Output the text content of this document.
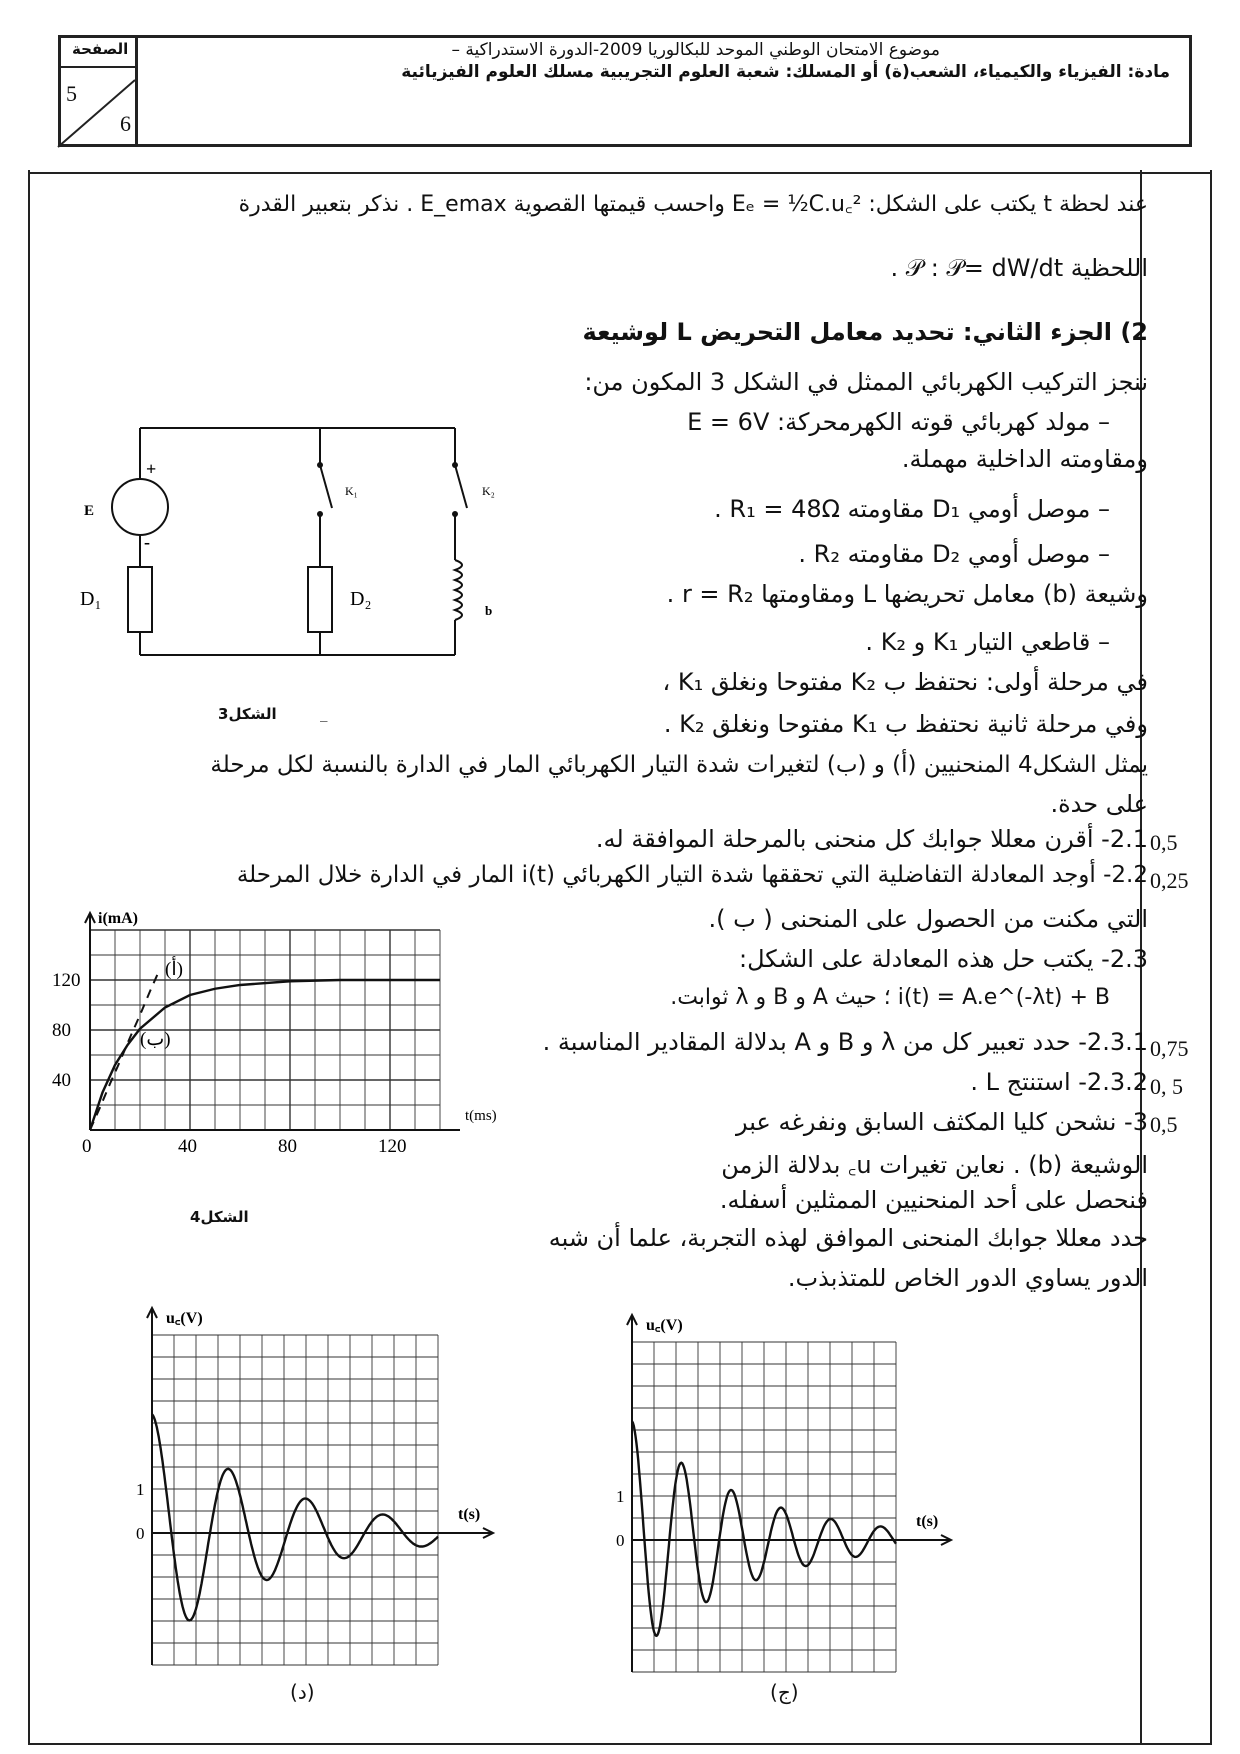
الصفحة
5
6
موضوع الامتحان الوطني الموحد للبكالوريا 2009-الدورة الاستدراكية –
مادة: الفيزياء والكيمياء، الشعب(ة) أو المسلك: شعبة العلوم التجريبية مسلك العلوم الفيزيائية
عند لحظة t يكتب على الشكل: Eₑ = ½C.u꜀² واحسب قيمتها القصوية E_emax . نذكر بتعبير القدرة
اللحظية 𝒫 : 𝒫= dW/dt .
2) الجزء الثاني: تحديد معامل التحريض L لوشيعة
ننجز التركيب الكهربائي الممثل في الشكل 3 المكون من:
– مولد كهربائي قوته الكهرمحركة: E = 6V
ومقاومته الداخلية مهملة.
– موصل أومي D₁ مقاومته R₁ = 48Ω .
– موصل أومي D₂ مقاومته R₂ .
وشيعة (b) معامل تحريضها L ومقاومتها r = R₂ .
– قاطعي التيار K₁ و K₂ .
في مرحلة أولى: نحتفظ ب K₂ مفتوحا ونغلق K₁ ،
وفي مرحلة ثانية نحتفظ ب K₁ مفتوحا ونغلق K₂ .
يمثل الشكل4 المنحنيين (أ) و (ب) لتغيرات شدة التيار الكهربائي المار في الدارة بالنسبة لكل مرحلة
على حدة.
2.1- أقرن معللا جوابك كل منحنى بالمرحلة الموافقة له.
2.2- أوجد المعادلة التفاضلية التي تحققها شدة التيار الكهربائي i(t) المار في الدارة خلال المرحلة
التي مكنت من الحصول على المنحنى ( ب ).
2.3- يكتب حل هذه المعادلة على الشكل:
i(t) = A.e^(-λt) + B ؛ حيث A و B و λ ثوابت.
2.3.1- حدد تعبير كل من λ و B و A بدلالة المقادير المناسبة .
2.3.2- استنتج L .
3- نشحن كليا المكثف السابق ونفرغه عبر
الوشيعة (b) . نعاين تغيرات u꜀ بدلالة الزمن
فنحصل على أحد المنحنيين الممثلين أسفله.
حدد معللا جوابك المنحنى الموافق لهذه التجربة، علما أن شبه
الدور يساوي الدور الخاص للمتذبذب.
0,5
0,25
0,75
0, 5
0,5
E
+
-
D₁	D₂
K₁	K₂
b
الشكل3	_
i(mA)
t(ms)
0	40	80	120
40
80
120
(أ)
(ب)
الشكل4
u꜀(V)
t(s)
0
1
u꜀(V)
t(s)
0
1
(د)	(ج)
